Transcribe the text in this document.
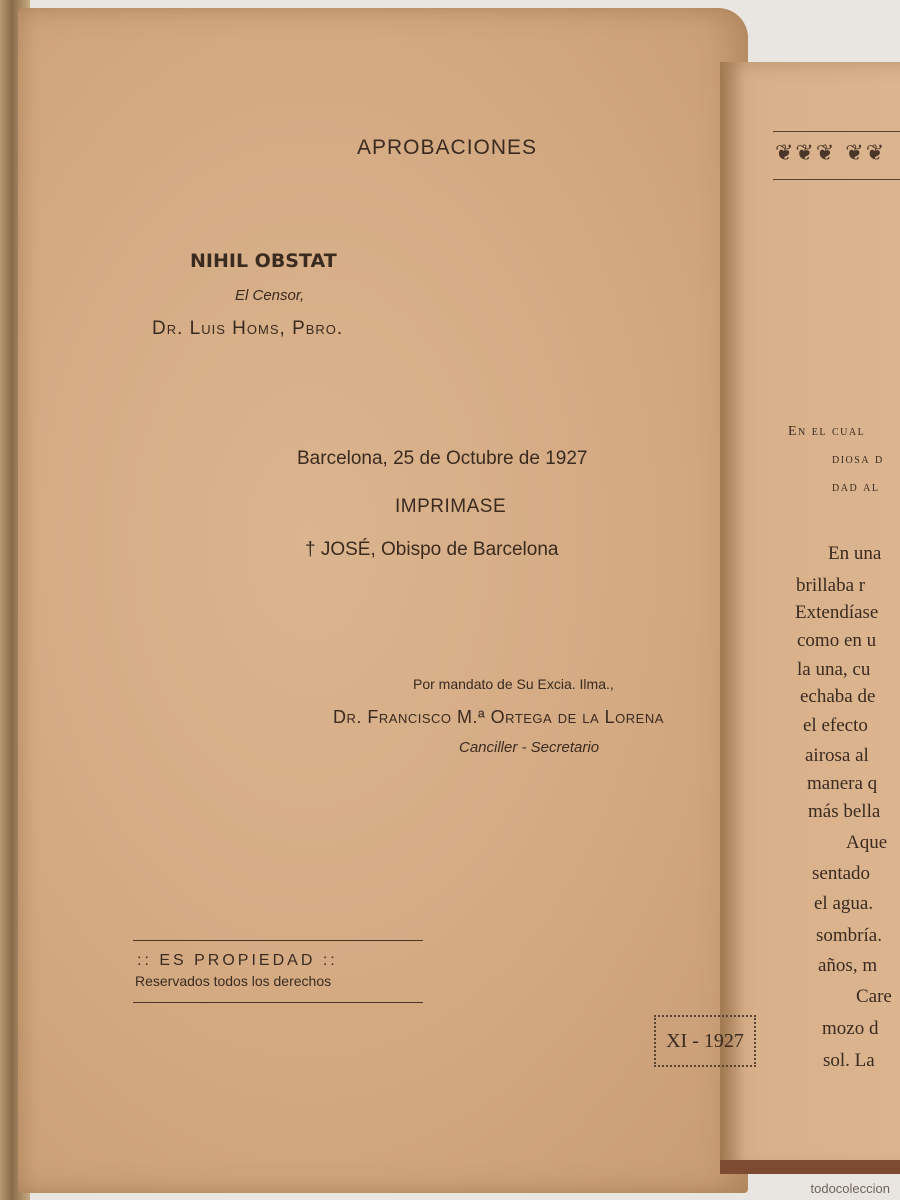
APROBACIONES

NIHIL OBSTAT

El Censor,

Dr. Luis Homs, Pbro.

Barcelona, 25 de Octubre de 1927

IMPRIMASE

† JOSÉ, Obispo de Barcelona

Por mandato de Su Excia. Ilma.,

Dr. Francisco M.ª Ortega de la Lorena

Canciller - Secretario

:: ES PROPIEDAD ::

Reservados todos los derechos

XI - 1927
❦❦❦ ❦❦

En el cual

diosa d

dad al

En una

brillaba r

Extendíase

como en u

la una, cu

echaba de

el efecto

airosa al

manera q

más bella

Aque

sentado

el agua.

sombría.

años, m

Care

mozo d

sol. La

todocoleccion
